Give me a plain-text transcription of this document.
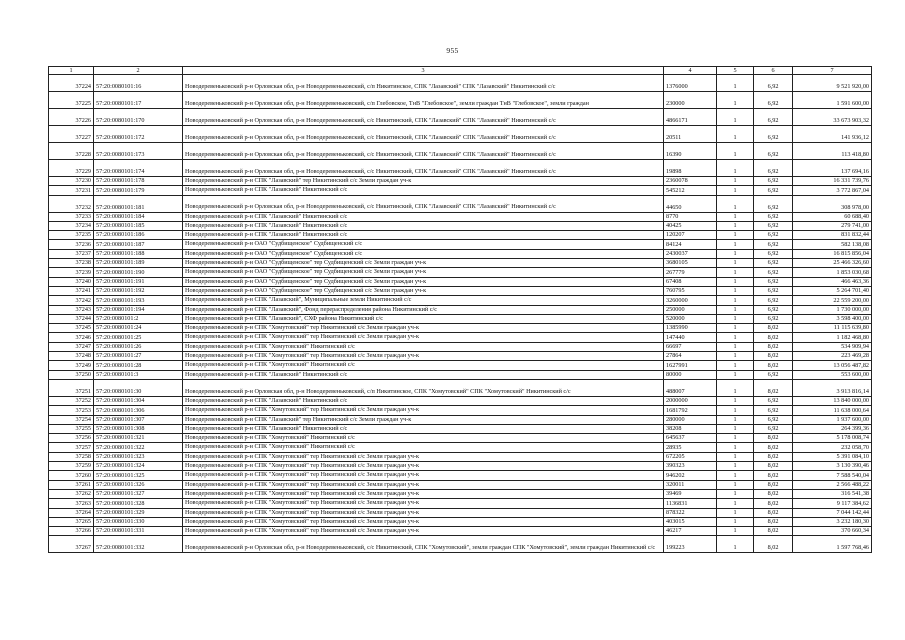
955
1	2	3	4	5	6	7
37224	57:20:0080101:16	Новодеревеньковский р-н Орловская обл, р-н Новодеревеньковский, с/п Никитинское, СПК "Лазавский" СПК "Лазавский" Никитинский с/с	1376000	1	6,92	9 521 920,00
37225	57:20:0080101:17	Новодеревеньковский р-н Орловская обл, р-н Новодеревеньковский, с/п Глебовское, ТнВ "Глебовское", земли граждан ТнВ "Глебовское", земли граждан	230000	1	6,92	1 591 600,00
37226	57:20:0080101:170	Новодеревеньковский р-н Орловская обл, р-н Новодеревеньковский, с/с Никитинский, СПК "Лазавский" СПК "Лазавский" Никитинский с/с	4866171	1	6,92	33 673 903,32
37227	57:20:0080101:172	Новодеревеньковский р-н Орловская обл, р-н Новодеревеньковский, с/с Никитинский, СПК "Лазавский" СПК "Лазавский" Никитинский с/с	20511	1	6,92	141 936,12
37228	57:20:0080101:173	Новодеревеньковский р-н Орловская обл, р-н Новодеревеньковский, с/с Никитинский, СПК "Лазавский" СПК "Лазавский" Никитинский с/с	16390	1	6,92	113 418,80
37229	57:20:0080101:174	Новодеревеньковский р-н Орловская обл, р-н Новодеревеньковский, с/с Никитинский, СПК "Лазавский" СПК "Лазавский" Никитинский с/с	19898	1	6,92	137 694,16
37230	57:20:0080101:178	Новодеревеньковский р-н СПК "Лазавский" тер Никитинский с/с Земли граждан уч-к	2360078	1	6,92	16 331 739,76
37231	57:20:0080101:179	Новодеревеньковский р-н СПК "Лазавский" Никитинский с/с	545212	1	6,92	3 772 867,04
37232	57:20:0080101:181	Новодеревеньковский р-н Орловская обл, р-н Новодеревеньковский, с/с Никитинский, СПК "Лазавский" СПК "Лазавский" Никитинский с/с	44650	1	6,92	308 978,00
37233	57:20:0080101:184	Новодеревеньковский р-н СПК "Лазавский" Никитинский с/с	8770	1	6,92	60 688,40
37234	57:20:0080101:185	Новодеревеньковский р-н СПК "Лазавский" Никитинский с/с	40425	1	6,92	279 741,00
37235	57:20:0080101:186	Новодеревеньковский р-н СПК "Лазавский" Никитинский с/с	120207	1	6,92	831 832,44
37236	57:20:0080101:187	Новодеревеньковский р-н ОАО "Судбищенское" Судбищенский с/с	84124	1	6,92	582 138,08
37237	57:20:0080101:188	Новодеревеньковский р-н ОАО "Судбищенское" Судбищенский с/с	2430037	1	6,92	16 815 856,04
37238	57:20:0080101:189	Новодеревеньковский р-н ОАО "Судбищенское" тер Судбищенский с/с Земли граждан уч-к	3680105	1	6,92	25 466 326,60
37239	57:20:0080101:190	Новодеревеньковский р-н ОАО "Судбищенское" тер Судбищенский с/с Земли граждан уч-к	267779	1	6,92	1 853 030,68
37240	57:20:0080101:191	Новодеревеньковский р-н ОАО "Судбищенское" тер Судбищенский с/с Земли граждан уч-к	67408	1	6,92	466 463,36
37241	57:20:0080101:192	Новодеревеньковский р-н ОАО "Судбищенское" тер Судбищенский с/с Земли граждан уч-к	760795	1	6,92	5 264 701,40
37242	57:20:0080101:193	Новодеревеньковский р-н СПК "Лазавский", Муниципальные земли Никитинский с/с	3260000	1	6,92	22 559 200,00
37243	57:20:0080101:194	Новодеревеньковский р-н СПК "Лазавский", Фонд перераспределения района Никитинский с/с	250000	1	6,92	1 730 000,00
37244	57:20:0080101:2	Новодеревеньковский р-н СПК "Лазавский", СХФ района Никитинский с/с	520000	1	6,92	3 598 400,00
37245	57:20:0080101:24	Новодеревеньковский р-н СПК "Хомутовский" тер Никитинский с/с Земли граждан уч-к	1385990	1	8,02	11 115 639,80
37246	57:20:0080101:25	Новодеревеньковский р-н СПК "Хомутовский" тер Никитинский с/с Земли граждан уч-к	147440	1	8,02	1 182 468,80
37247	57:20:0080101:26	Новодеревеньковский р-н СПК "Хомутовский" Никитинский с/с	66697	1	8,02	534 909,94
37248	57:20:0080101:27	Новодеревеньковский р-н СПК "Хомутовский" тер Никитинский с/с Земли граждан уч-к	27864	1	8,02	223 469,28
37249	57:20:0080101:28	Новодеревеньковский р-н СПК "Хомутовский" Никитинский с/с	1627991	1	8,02	13 056 487,82
37250	57:20:0080101:3	Новодеревеньковский р-н СПК "Лазавский" Никитинский с/с	80000	1	6,92	553 600,00
37251	57:20:0080101:30	Новодеревеньковский р-н Орловская обл, р-н Новодеревеньковский, с/п Никитинское, СПК "Хомутовский" СПК "Хомутовский" Никитинский с/с	488007	1	8,02	3 913 816,14
37252	57:20:0080101:304	Новодеревеньковский р-н СПК "Лазавский" Никитинский с/с	2000000	1	6,92	13 840 000,00
37253	57:20:0080101:306	Новодеревеньковский р-н СПК "Хомутовский" тер Никитинский с/с Земли граждан уч-к	1681792	1	6,92	11 638 000,64
37254	57:20:0080101:307	Новодеревеньковский р-н СПК "Лазавский" тер Никитинский с/с Земли граждан уч-к	280000	1	6,92	1 937 600,00
37255	57:20:0080101:308	Новодеревеньковский р-н СПК "Лазавский" Никитинский с/с	38208	1	6,92	264 399,36
37256	57:20:0080101:321	Новодеревеньковский р-н СПК "Хомутовский" Никитинский с/с	645637	1	8,02	5 178 008,74
37257	57:20:0080101:322	Новодеревеньковский р-н СПК "Хомутовский" Никитинский с/с	28935	1	8,02	232 058,70
37258	57:20:0080101:323	Новодеревеньковский р-н СПК "Хомутовский" тер Никитинский с/с Земли граждан уч-к	672205	1	8,02	5 391 084,10
37259	57:20:0080101:324	Новодеревеньковский р-н СПК "Хомутовский" тер Никитинский с/с Земли граждан уч-к	390323	1	8,02	3 130 390,46
37260	57:20:0080101:325	Новодеревеньковский р-н СПК "Хомутовский" тер Никитинский с/с Земли граждан уч-к	946202	1	8,02	7 588 540,04
37261	57:20:0080101:326	Новодеревеньковский р-н СПК "Хомутовский" тер Никитинский с/с Земли граждан уч-к	320011	1	8,02	2 566 488,22
37262	57:20:0080101:327	Новодеревеньковский р-н СПК "Хомутовский" тер Никитинский с/с Земли граждан уч-к	39469	1	8,02	316 541,38
37263	57:20:0080101:328	Новодеревеньковский р-н СПК "Хомутовский" тер Никитинский с/с Земли граждан уч-к	1136831	1	8,02	9 117 384,62
37264	57:20:0080101:329	Новодеревеньковский р-н СПК "Хомутовский" тер Никитинский с/с Земли граждан уч-к	878322	1	8,02	7 044 142,44
37265	57:20:0080101:330	Новодеревеньковский р-н СПК "Хомутовский" тер Никитинский с/с Земли граждан уч-к	403015	1	8,02	3 232 180,30
37266	57:20:0080101:331	Новодеревеньковский р-н СПК "Хомутовский" тер Никитинский с/с Земли граждан уч-к	46217	1	8,02	370 660,34
37267	57:20:0080101:332	Новодеревеньковский р-н Орловская обл, р-н Новодеревеньковский, с/с Никитинский, СПК "Хомутовский", земли граждан СПК "Хомутовский", земли граждан Никитинский с/с	199223	1	8,02	1 597 768,46
